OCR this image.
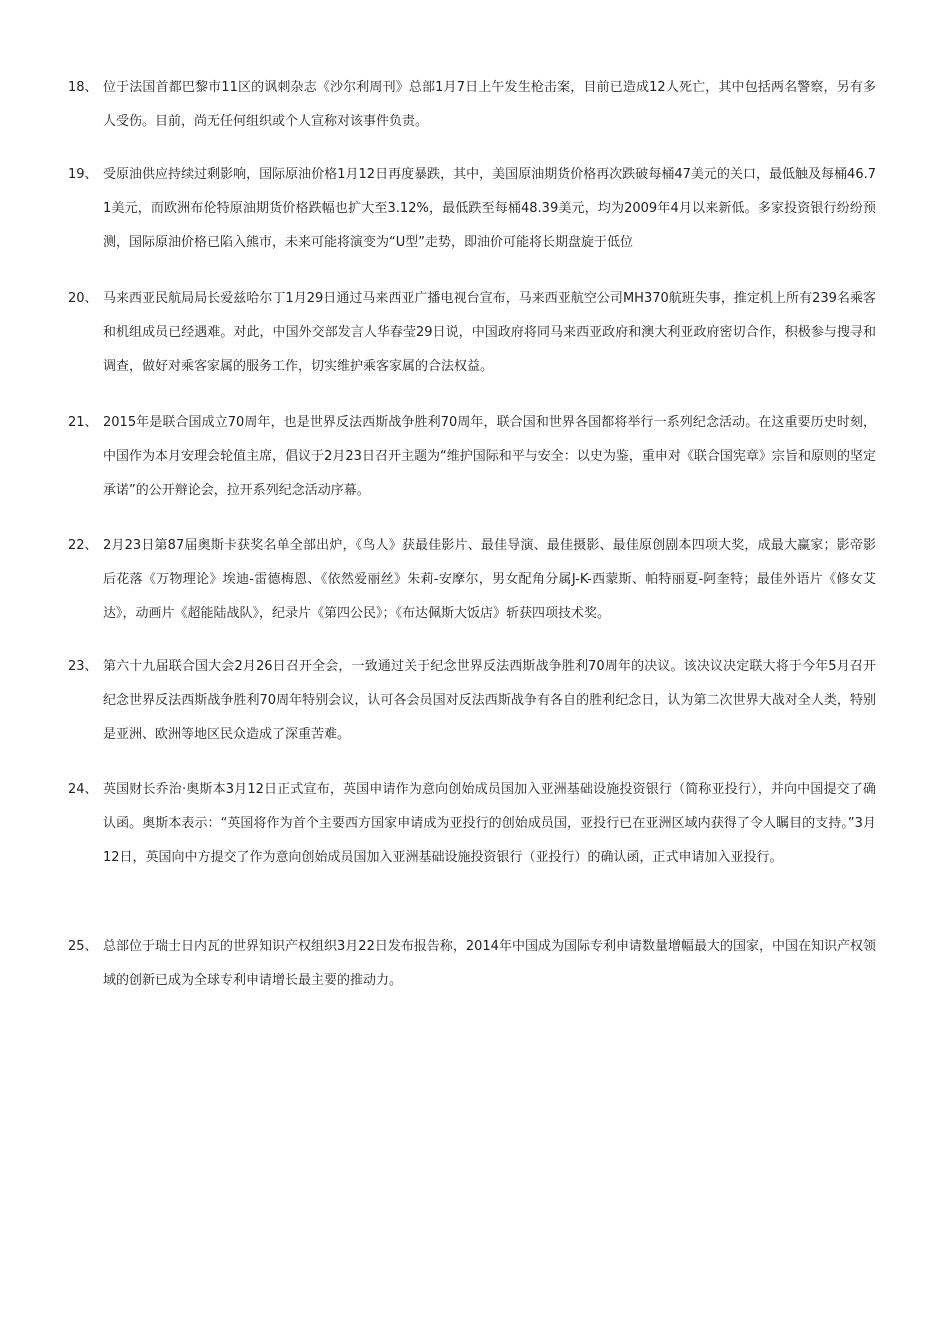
18、 位于法国首都巴黎市11区的讽刺杂志《沙尔利周刊》总部1月7日上午发生枪击案，目前已造成12人死亡，其中包括两名警察，另有多人受伤。目前，尚无任何组织或个人宣称对该事件负责。
19、 受原油供应持续过剩影响，国际原油价格1月12日再度暴跌，其中，美国原油期货价格再次跌破每桶47美元的关口，最低触及每桶46.71美元，而欧洲布伦特原油期货价格跌幅也扩大至3.12%，最低跌至每桶48.39美元，均为2009年4月以来新低。多家投资银行纷纷预测，国际原油价格已陷入熊市，未来可能将演变为“U型”走势，即油价可能将长期盘旋于低位
20、 马来西亚民航局局长爱兹哈尔丁1月29日通过马来西亚广播电视台宣布，马来西亚航空公司MH370航班失事，推定机上所有239名乘客和机组成员已经遇难。对此，中国外交部发言人华春莹29日说，中国政府将同马来西亚政府和澳大利亚政府密切合作，积极参与搜寻和调查，做好对乘客家属的服务工作，切实维护乘客家属的合法权益。
21、 2015年是联合国成立70周年，也是世界反法西斯战争胜利70周年，联合国和世界各国都将举行一系列纪念活动。在这重要历史时刻，中国作为本月安理会轮值主席，倡议于2月23日召开主题为“维护国际和平与安全：以史为鉴，重申对《联合国宪章》宗旨和原则的坚定承诺”的公开辩论会，拉开系列纪念活动序幕。
22、 2月23日第87届奥斯卡获奖名单全部出炉，《鸟人》获最佳影片、最佳导演、最佳摄影、最佳原创剧本四项大奖，成最大赢家；影帝影后花落《万物理论》埃迪-雷德梅恩、《依然爱丽丝》朱莉-安摩尔，男女配角分属J-K-西蒙斯、帕特丽夏-阿奎特；最佳外语片《修女艾达》，动画片《超能陆战队》，纪录片《第四公民》；《布达佩斯大饭店》斩获四项技术奖。
23、 第六十九届联合国大会2月26日召开全会，一致通过关于纪念世界反法西斯战争胜利70周年的决议。该决议决定联大将于今年5月召开纪念世界反法西斯战争胜利70周年特别会议，认可各会员国对反法西斯战争有各自的胜利纪念日，认为第二次世界大战对全人类，特别是亚洲、欧洲等地区民众造成了深重苦难。
24、 英国财长乔治·奥斯本3月12日正式宣布，英国申请作为意向创始成员国加入亚洲基础设施投资银行（简称亚投行），并向中国提交了确认函。奥斯本表示：“英国将作为首个主要西方国家申请成为亚投行的创始成员国，亚投行已在亚洲区域内获得了令人瞩目的支持。”3月12日，英国向中方提交了作为意向创始成员国加入亚洲基础设施投资银行（亚投行）的确认函，正式申请加入亚投行。
25、 总部位于瑞士日内瓦的世界知识产权组织3月22日发布报告称，2014年中国成为国际专利申请数量增幅最大的国家，中国在知识产权领域的创新已成为全球专利申请增长最主要的推动力。
